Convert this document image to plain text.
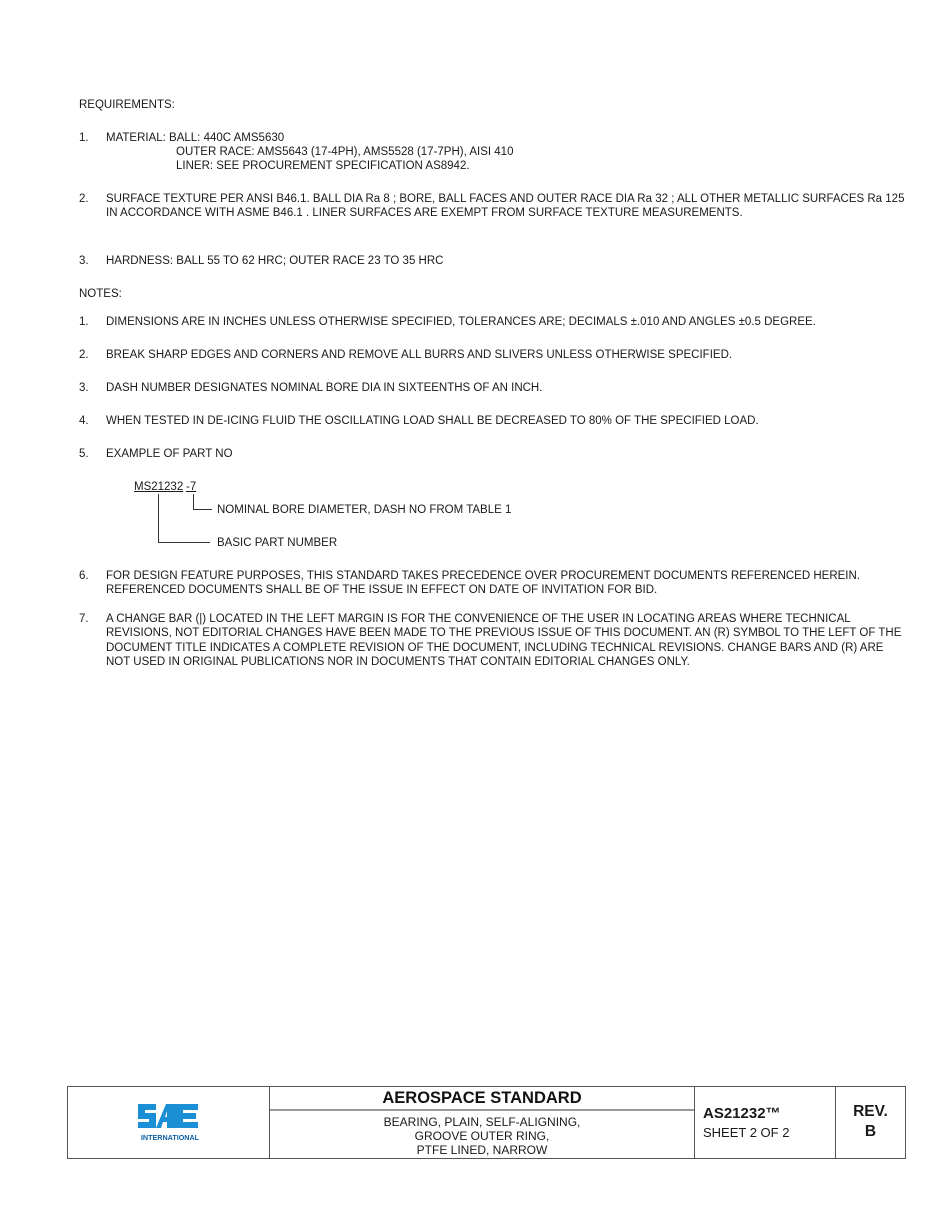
REQUIREMENTS:
1. MATERIAL: BALL: 440C AMS5630
OUTER RACE: AMS5643 (17-4PH), AMS5528 (17-7PH), AISI 410
LINER: SEE PROCUREMENT SPECIFICATION AS8942.
2. SURFACE TEXTURE PER ANSI B46.1. BALL DIA Ra 8 ; BORE, BALL FACES AND OUTER RACE DIA Ra 32 ; ALL OTHER METALLIC SURFACES Ra 125 IN ACCORDANCE WITH ASME B46.1 . LINER SURFACES ARE EXEMPT FROM SURFACE TEXTURE MEASUREMENTS.
3. HARDNESS: BALL 55 TO 62 HRC; OUTER RACE 23 TO 35 HRC
NOTES:
1. DIMENSIONS ARE IN INCHES UNLESS OTHERWISE SPECIFIED, TOLERANCES ARE; DECIMALS ±.010 AND ANGLES ±0.5 DEGREE.
2. BREAK SHARP EDGES AND CORNERS AND REMOVE ALL BURRS AND SLIVERS UNLESS OTHERWISE SPECIFIED.
3. DASH NUMBER DESIGNATES NOMINAL BORE DIA IN SIXTEENTHS OF AN INCH.
4. WHEN TESTED IN DE-ICING FLUID THE OSCILLATING LOAD SHALL BE DECREASED TO 80% OF THE SPECIFIED LOAD.
5. EXAMPLE OF PART NO
MS21232 -7
NOMINAL BORE DIAMETER, DASH NO FROM TABLE 1
BASIC PART NUMBER
6. FOR DESIGN FEATURE PURPOSES, THIS STANDARD TAKES PRECEDENCE OVER PROCUREMENT DOCUMENTS REFERENCED HEREIN. REFERENCED DOCUMENTS SHALL BE OF THE ISSUE IN EFFECT ON DATE OF INVITATION FOR BID.
7. A CHANGE BAR (|) LOCATED IN THE LEFT MARGIN IS FOR THE CONVENIENCE OF THE USER IN LOCATING AREAS WHERE TECHNICAL REVISIONS, NOT EDITORIAL CHANGES HAVE BEEN MADE TO THE PREVIOUS ISSUE OF THIS DOCUMENT. AN (R) SYMBOL TO THE LEFT OF THE DOCUMENT TITLE INDICATES A COMPLETE REVISION OF THE DOCUMENT, INCLUDING TECHNICAL REVISIONS. CHANGE BARS AND (R) ARE NOT USED IN ORIGINAL PUBLICATIONS NOR IN DOCUMENTS THAT CONTAIN EDITORIAL CHANGES ONLY.
INTERNATIONAL
AEROSPACE STANDARD
BEARING, PLAIN, SELF-ALIGNING,
GROOVE OUTER RING,
PTFE LINED, NARROW
AS21232™
SHEET 2 OF 2
REV.
B
